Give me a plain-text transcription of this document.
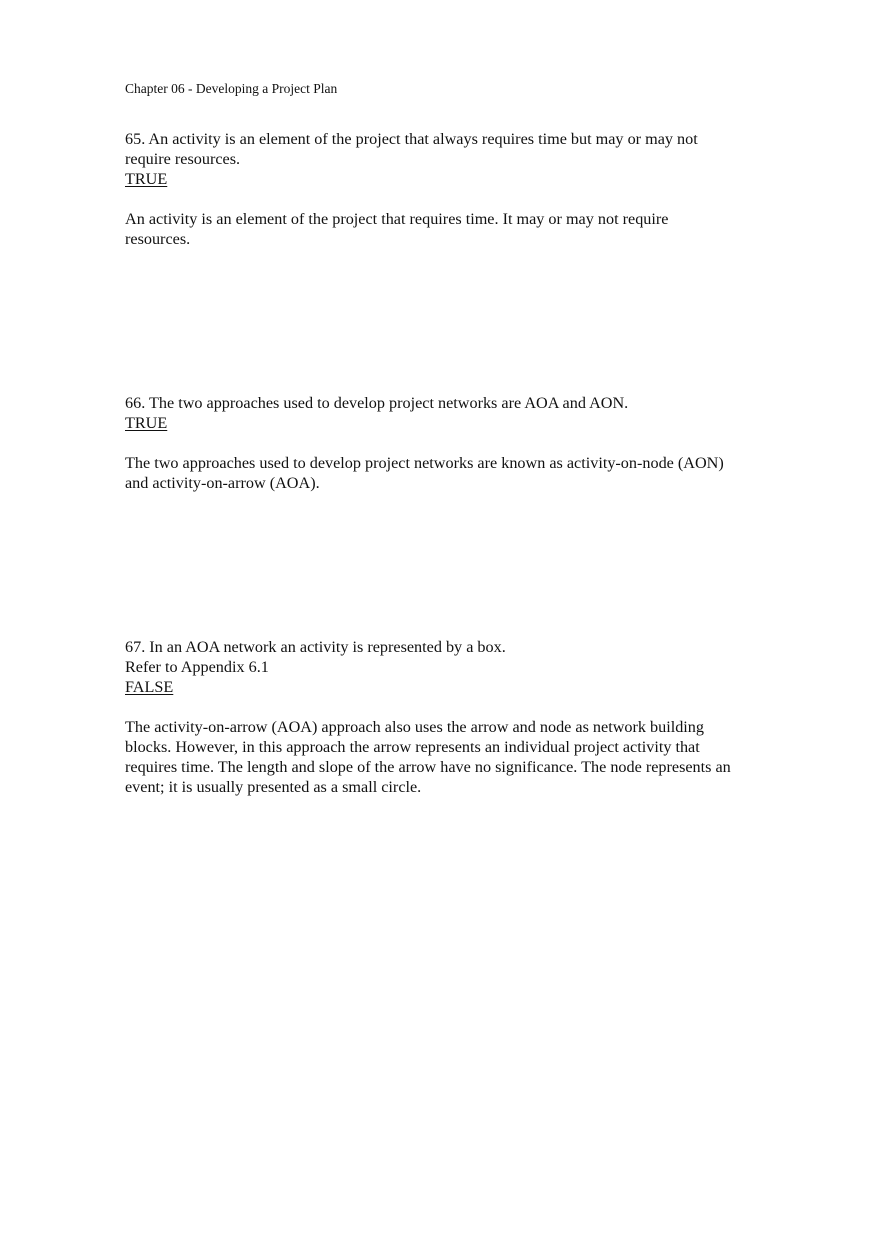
Chapter 06 - Developing a Project Plan
65. An activity is an element of the project that always requires time but may or may not
require resources.
TRUE
An activity is an element of the project that requires time. It may or may not require
resources.
66. The two approaches used to develop project networks are AOA and AON.
TRUE
The two approaches used to develop project networks are known as activity-on-node (AON)
and activity-on-arrow (AOA).
67. In an AOA network an activity is represented by a box.
Refer to Appendix 6.1
FALSE
The activity-on-arrow (AOA) approach also uses the arrow and node as network building
blocks. However, in this approach the arrow represents an individual project activity that
requires time. The length and slope of the arrow have no significance. The node represents an
event; it is usually presented as a small circle.
